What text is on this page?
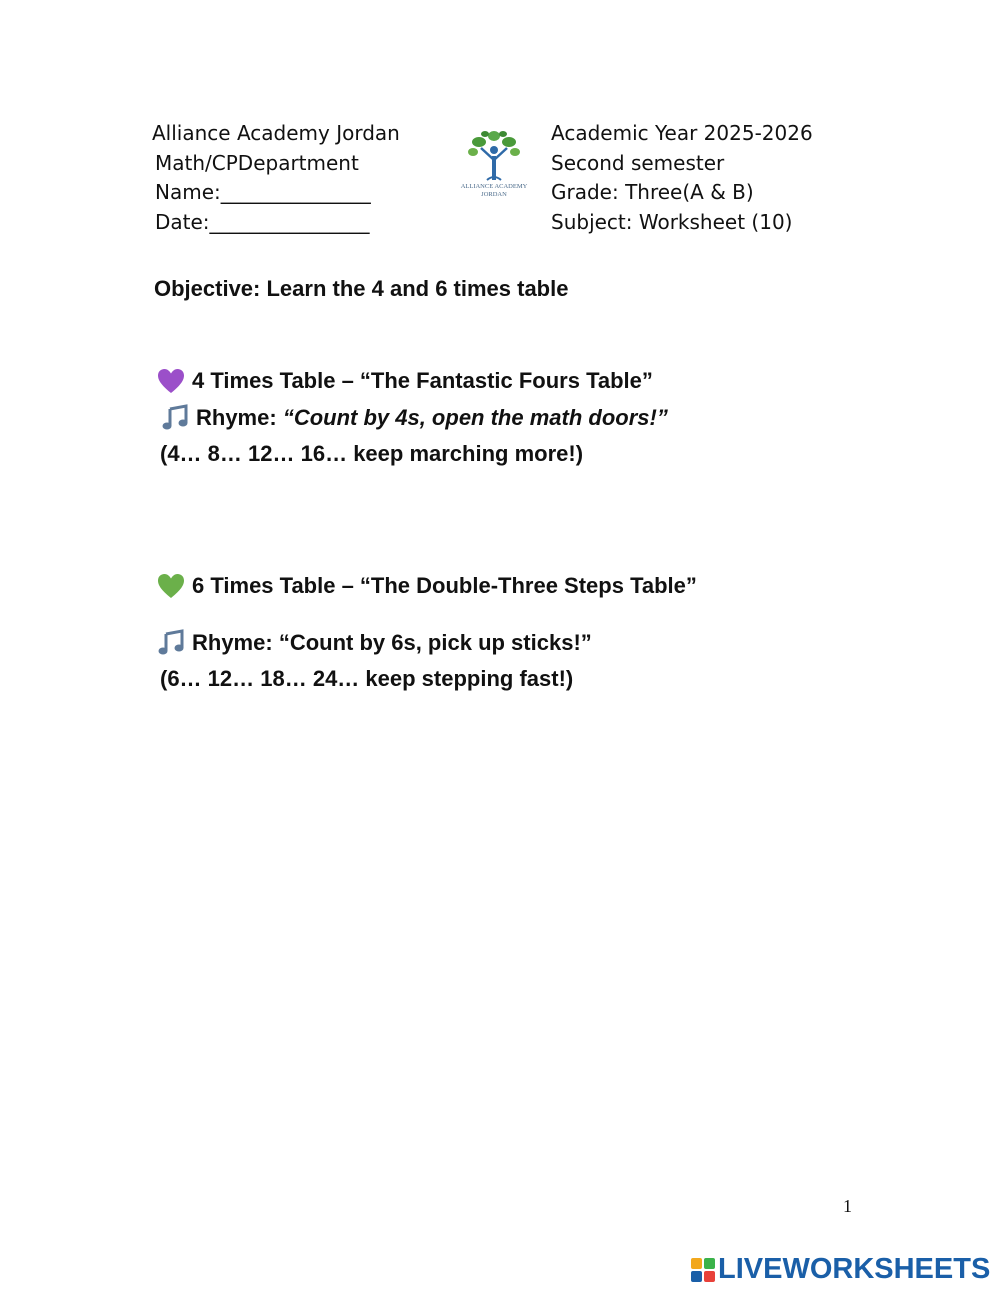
Alliance Academy Jordan
Math/CPDepartment
Name:_______________
Date:________________
ALLIANCE ACADEMY
JORDAN
Academic Year 2025-2026
Second semester
Grade: Three(A & B)
Subject: Worksheet (10)
Objective: Learn the 4 and 6 times table
4 Times Table – “The Fantastic Fours Table”
Rhyme:
“Count by 4s, open the math doors!”
(4… 8… 12… 16… keep marching more!)
6 Times Table – “The Double-Three Steps Table”
Rhyme:
“Count by 6s, pick up sticks!”
(6… 12… 18… 24… keep stepping fast!)
1
LIVEWORKSHEETS
